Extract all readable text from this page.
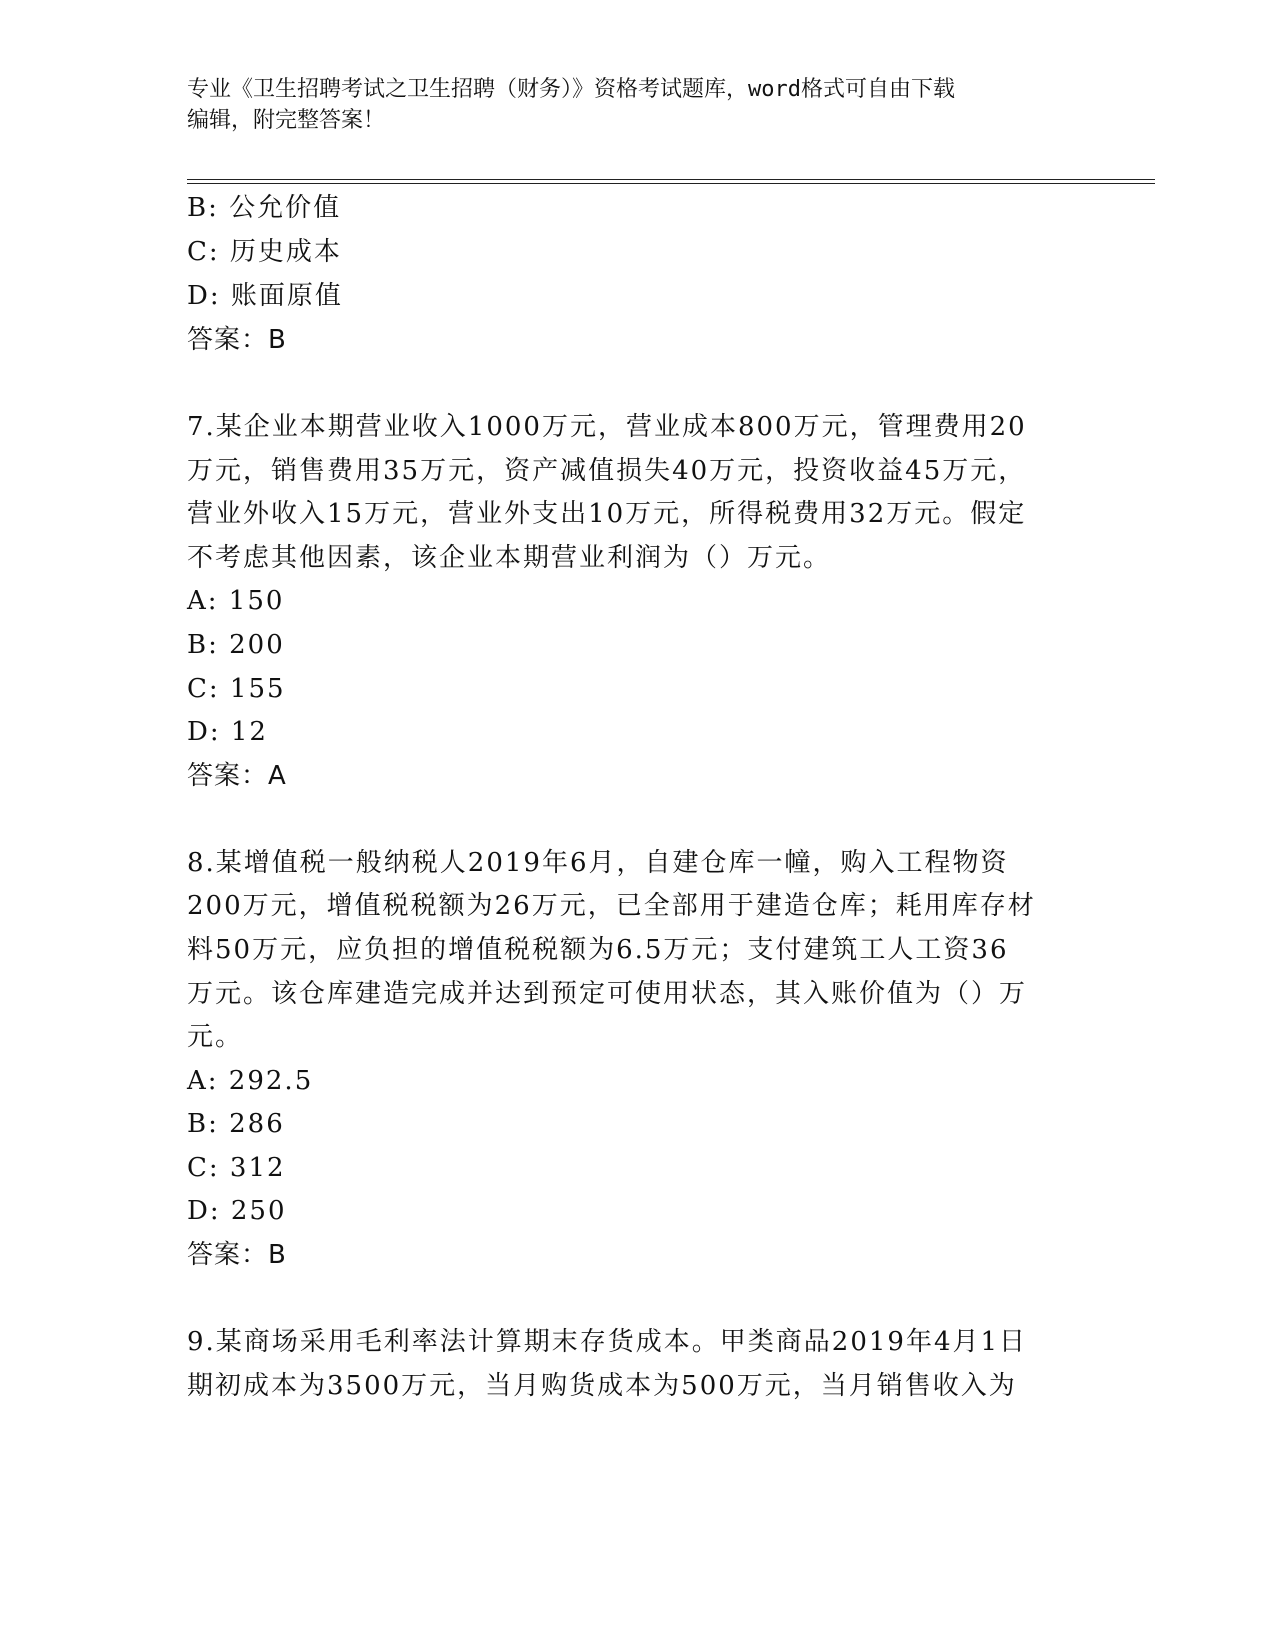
专业《卫生招聘考试之卫生招聘（财务）》资格考试题库，word格式可自由下载
编辑，附完整答案！
B: 公允价值
C: 历史成本
D: 账面原值
答案：B
7.某企业本期营业收入1000万元，营业成本800万元，管理费用20
万元，销售费用35万元，资产减值损失40万元，投资收益45万元，
营业外收入15万元，营业外支出10万元，所得税费用32万元。假定
不考虑其他因素，该企业本期营业利润为（）万元。
A: 150
B: 200
C: 155
D: 12
答案：A
8.某增值税一般纳税人2019年6月，自建仓库一幢，购入工程物资
200万元，增值税税额为26万元，已全部用于建造仓库；耗用库存材
料50万元，应负担的增值税税额为6.5万元；支付建筑工人工资36
万元。该仓库建造完成并达到预定可使用状态，其入账价值为（）万
元。
A: 292.5
B: 286
C: 312
D: 250
答案：B
9.某商场采用毛利率法计算期末存货成本。甲类商品2019年4月1日
期初成本为3500万元，当月购货成本为500万元，当月销售收入为
